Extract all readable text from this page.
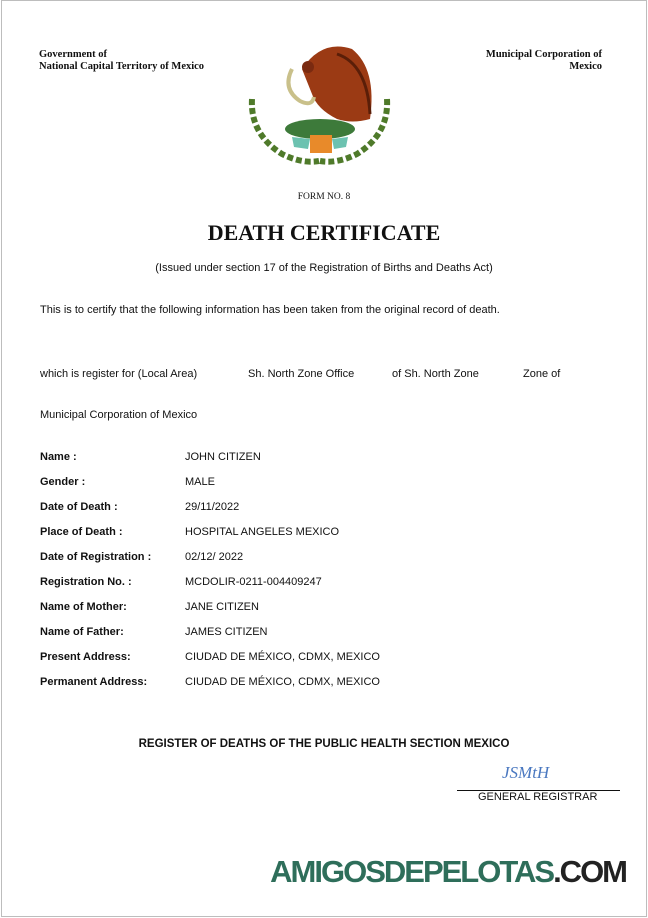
Government of
National Capital Territory of Mexico
Municipal Corporation of
Mexico
FORM NO. 8
DEATH CERTIFICATE
(Issued under section 17 of the Registration of Births and Deaths Act)
This is to certify that the following information has been taken from the original record of death.
which is register for (Local Area)	Sh. North Zone Office	of Sh. North Zone	Zone of
Municipal Corporation of Mexico
Name :	JOHN CITIZEN
Gender :	MALE
Date of Death :	29/11/2022
Place of Death :	HOSPITAL ANGELES MEXICO
Date of Registration :	02/12/ 2022
Registration No. :	MCDOLIR-0211-004409247
Name of Mother:	JANE CITIZEN
Name of Father:	JAMES CITIZEN
Present Address:	CIUDAD DE MÉXICO, CDMX, MEXICO
Permanent Address:	CIUDAD DE MÉXICO, CDMX, MEXICO
REGISTER OF DEATHS OF THE PUBLIC HEALTH SECTION MEXICO
JSMtH
GENERAL REGISTRAR
AMIGOSDEPELOTAS.COM
